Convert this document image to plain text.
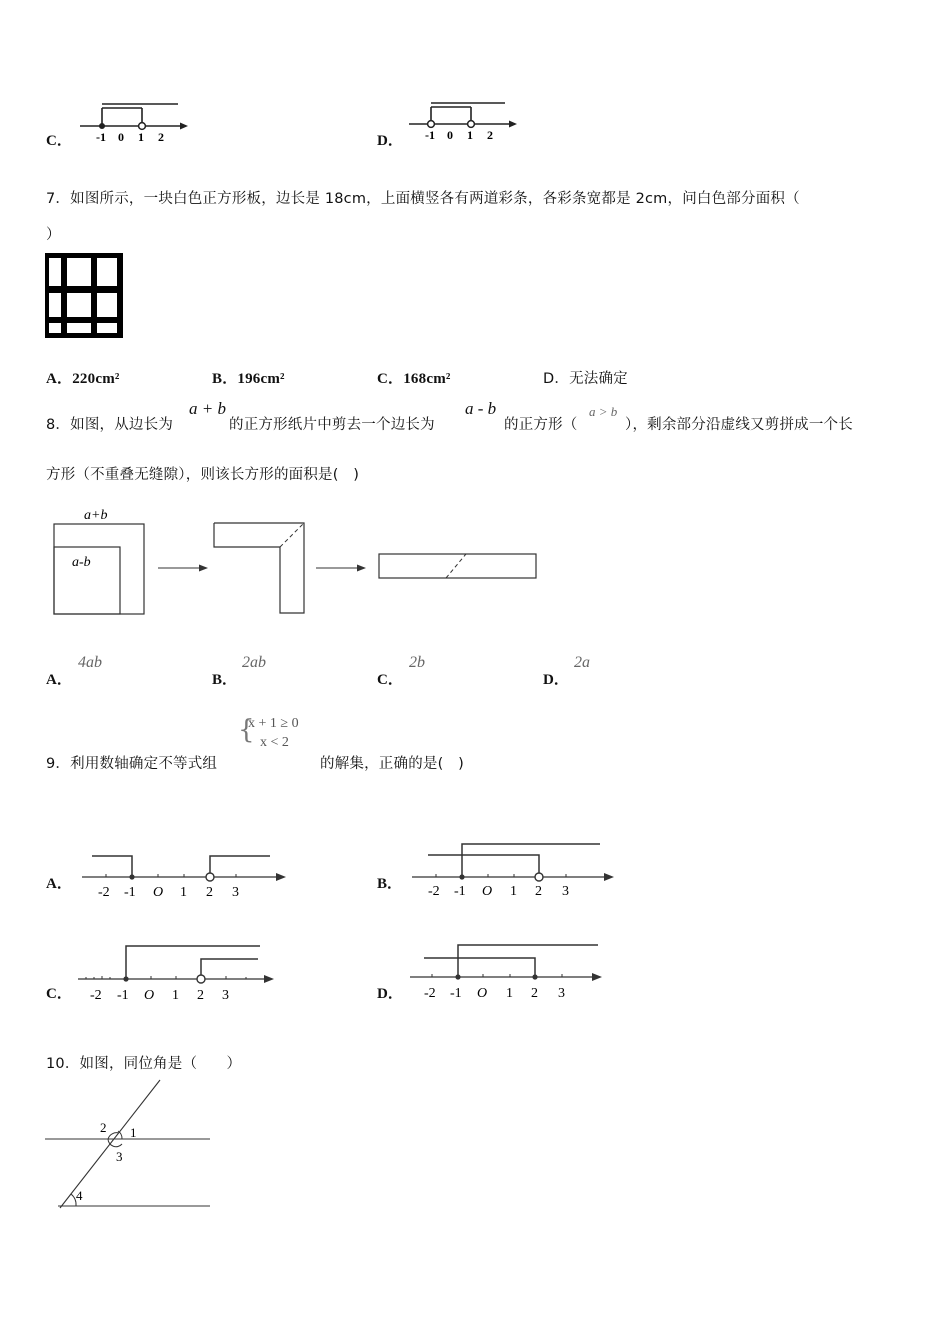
C． -1 0 1 2	D． -1 0 1 2
7．如图所示，一块白色正方形板，边长是 18cm，上面横竖各有两道彩条，各彩条宽都是 2cm，问白色部分面积（
）
A．220cm²	B．196cm²	C．168cm²	D．无法确定
8．如图，从边长为
a + b
的正方形纸片中剪去一个边长为
a - b
的正方形（
a > b
），剩余部分沿虚线又剪拼成一个长
方形（不重叠无缝隙），则该长方形的面积是(　)
a+b
a-b
A．
4ab
B．
2ab
C．
2b
D．
2a
9．利用数轴确定不等式组
{
x + 1 ≥ 0
x < 2
的解集，正确的是(　)
A．
-2 -1 O 1 2 3
B． -2 -1 O 1 2 3
C． -2 -1 O 1 2 3	D． -2 -1 O 1 2 3
10．如图，同位角是（　　）
2 1
3
4
